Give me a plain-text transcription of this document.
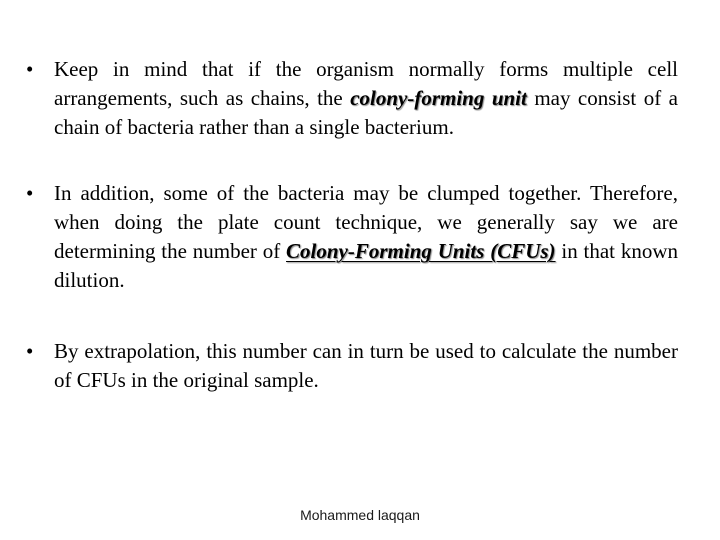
• Keep in mind that if the organism normally forms multiple cell arrangements, such as chains, the colony-forming unit may consist of a chain of bacteria rather than a single bacterium.
• In addition, some of the bacteria may be clumped together. Therefore, when doing the plate count technique, we generally say we are determining the number of Colony-Forming Units (CFUs) in that known dilution.
• By extrapolation, this number can in turn be used to calculate the number of CFUs in the original sample.
Mohammed laqqan
